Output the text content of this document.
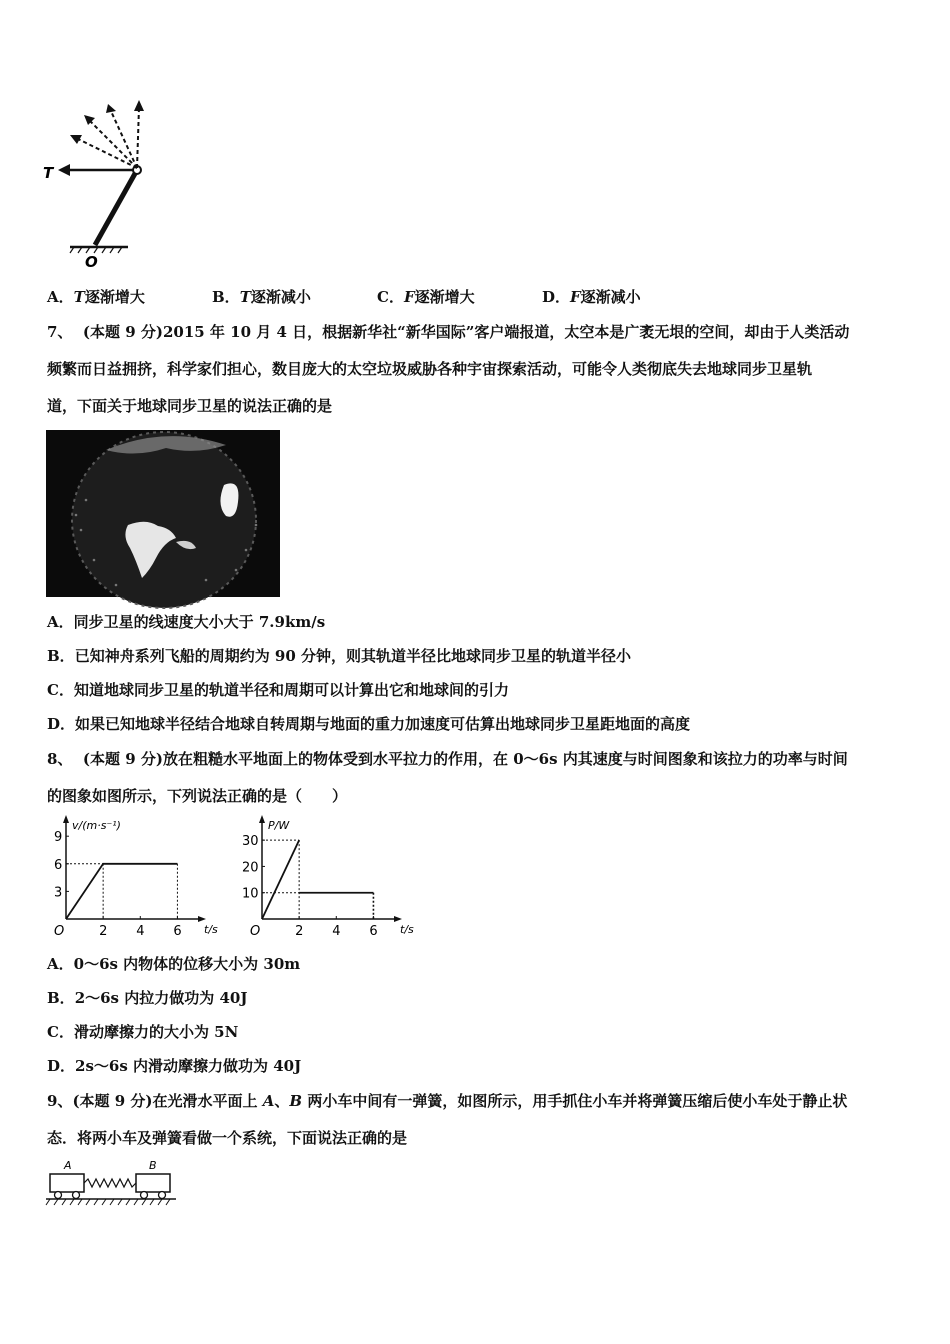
T
O
A．T逐渐增大	B．T逐渐减小	C．F逐渐增大	D．F逐渐减小
7、 (本题 9 分)2015 年 10 月 4 日，根据新华社“新华国际”客户端报道，太空本是广袤无垠的空间，却由于人类活动
频繁而日益拥挤，科学家们担心，数目庞大的太空垃圾威胁各种宇宙探索活动，可能令人类彻底失去地球同步卫星轨
道，下面关于地球同步卫星的说法正确的是
A．同步卫星的线速度大小大于 7.9km/s
B．已知神舟系列飞船的周期约为 90 分钟，则其轨道半径比地球同步卫星的轨道半径小
C．知道地球同步卫星的轨道半径和周期可以计算出它和地球间的引力
D．如果已知地球半径结合地球自转周期与地面的重力加速度可估算出地球同步卫星距地面的高度
8、 (本题 9 分)放在粗糙水平地面上的物体受到水平拉力的作用，在 0～6s 内其速度与时间图象和该拉力的功率与时间
的图象如图所示，下列说法正确的是（　　）
O
v/(m·s⁻¹)
t/s
2 4 6
3
6
9
O
P/W
t/s
2 4 6
10
20
30
A．0～6s 内物体的位移大小为 30m
B．2～6s 内拉力做功为 40J
C．滑动摩擦力的大小为 5N
D．2s～6s 内滑动摩擦力做功为 40J
9、(本题 9 分)在光滑水平面上 A、B 两小车中间有一弹簧，如图所示，用手抓住小车并将弹簧压缩后使小车处于静止状
态．将两小车及弹簧看做一个系统，下面说法正确的是
A	B
